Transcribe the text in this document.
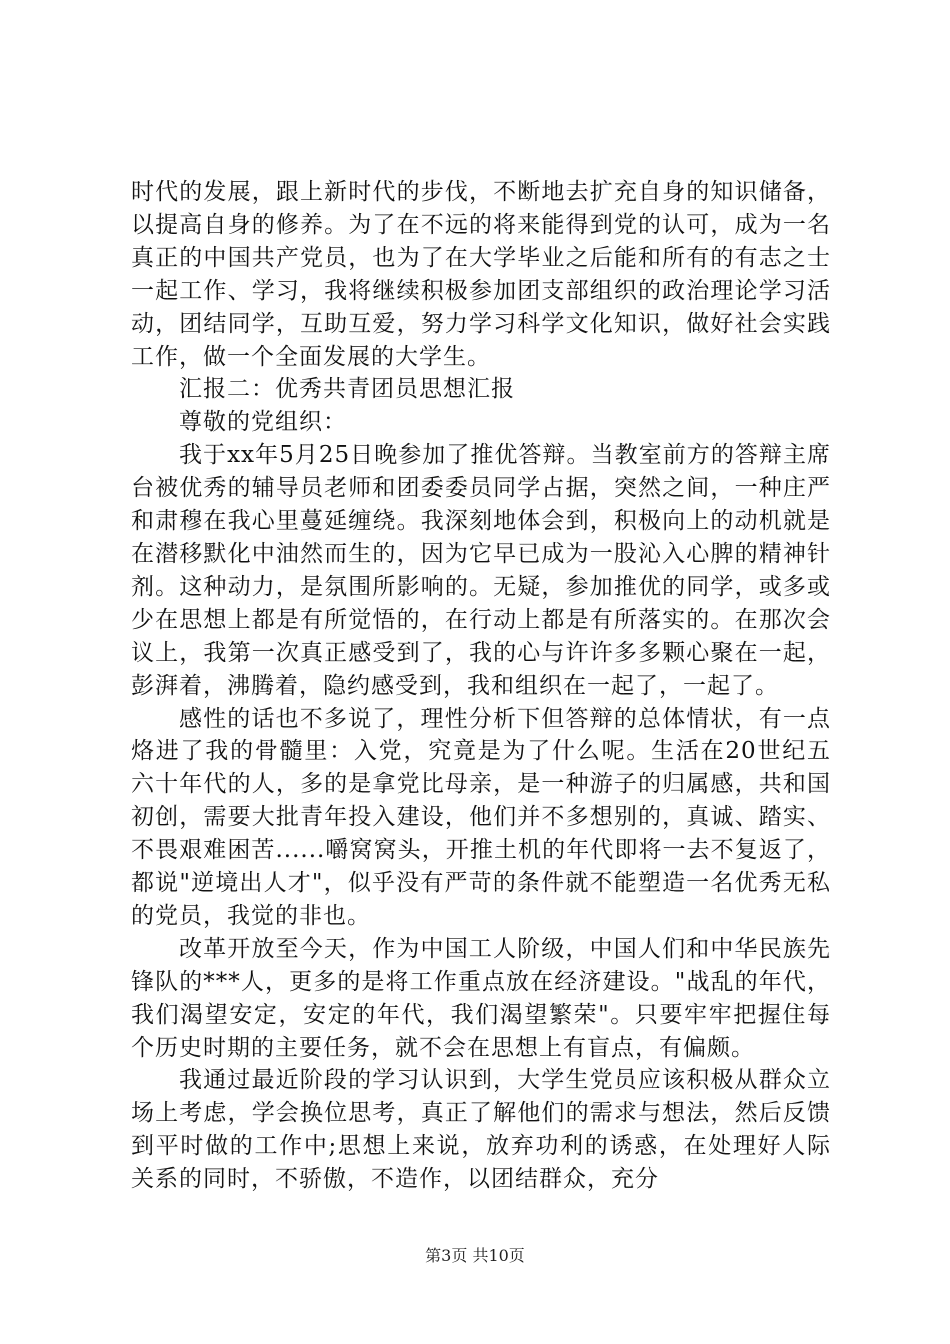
时代的发展，跟上新时代的步伐，不断地去扩充自身的知识储备，以提高自身的修养。为了在不远的将来能得到党的认可，成为一名真正的中国共产党员，也为了在大学毕业之后能和所有的有志之士一起工作、学习，我将继续积极参加团支部组织的政治理论学习活动，团结同学，互助互爱，努力学习科学文化知识，做好社会实践工作，做一个全面发展的大学生。

汇报二：优秀共青团员思想汇报

尊敬的党组织：

我于xx年5月25日晚参加了推优答辩。当教室前方的答辩主席台被优秀的辅导员老师和团委委员同学占据，突然之间，一种庄严和肃穆在我心里蔓延缠绕。我深刻地体会到，积极向上的动机就是在潜移默化中油然而生的，因为它早已成为一股沁入心脾的精神针剂。这种动力，是氛围所影响的。无疑，参加推优的同学，或多或少在思想上都是有所觉悟的，在行动上都是有所落实的。在那次会议上，我第一次真正感受到了，我的心与许许多多颗心聚在一起，彭湃着，沸腾着，隐约感受到，我和组织在一起了，一起了。

感性的话也不多说了，理性分析下但答辩的总体情状，有一点烙进了我的骨髓里：入党，究竟是为了什么呢。生活在20世纪五六十年代的人，多的是拿党比母亲，是一种游子的归属感，共和国初创，需要大批青年投入建设，他们并不多想别的，真诚、踏实、不畏艰难困苦......嚼窝窝头，开推土机的年代即将一去不复返了，都说"逆境出人才"，似乎没有严苛的条件就不能塑造一名优秀无私的党员，我觉的非也。

改革开放至今天，作为中国工人阶级，中国人们和中华民族先锋队的***人，更多的是将工作重点放在经济建设。"战乱的年代，我们渴望安定，安定的年代，我们渴望繁荣"。只要牢牢把握住每个历史时期的主要任务，就不会在思想上有盲点，有偏颇。

我通过最近阶段的学习认识到，大学生党员应该积极从群众立场上考虑，学会换位思考，真正了解他们的需求与想法，然后反馈到平时做的工作中;思想上来说，放弃功利的诱惑，在处理好人际关系的同时，不骄傲，不造作，以团结群众，充分

第3页 共10页
